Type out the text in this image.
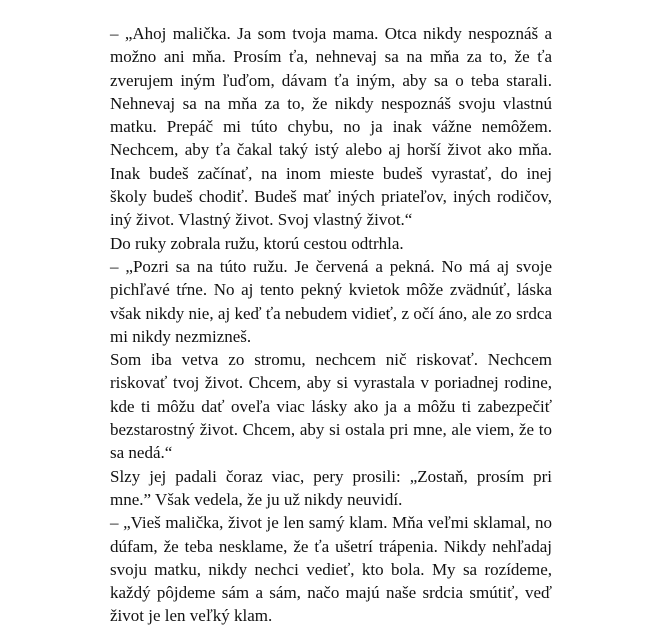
– „Ahoj malička. Ja som tvoja mama. Otca nikdy nespoznáš a možno ani mňa. Prosím ťa, nehnevaj sa na mňa za to, že ťa zverujem iným ľuďom, dávam ťa iným, aby sa o teba starali. Nehnevaj sa na mňa za to, že nikdy nespoznáš svoju vlastnú matku. Prepáč mi túto chybu, no ja inak vážne nemôžem. Nechcem, aby ťa čakal taký istý alebo aj horší život ako mňa. Inak budeš začínať, na inom mieste budeš vyrastať, do inej školy budeš chodiť. Budeš mať iných priateľov, iných rodičov, iný život. Vlastný život. Svoj vlastný život.“

Do ruky zobrala ružu, ktorú cestou odtrhla.

– „Pozri sa na túto ružu. Je červená a pekná. No má aj svoje pichľavé tŕne. No aj tento pekný kvietok môže zvädnúť, láska však nikdy nie, aj keď ťa nebudem vidieť, z očí áno, ale zo srdca mi nikdy nezmizneš.

Som iba vetva zo stromu, nechcem nič riskovať. Nechcem riskovať tvoj život. Chcem, aby si vyrastala v poriadnej rodine, kde ti môžu dať oveľa viac lásky ako ja a môžu ti zabezpečiť bezstarostný život. Chcem, aby si ostala pri mne, ale viem, že to sa nedá.“

Slzy jej padali čoraz viac, pery prosili: „Zostaň, prosím pri mne.” Však vedela, že ju už nikdy neuvidí.

– „Vieš malička, život je len samý klam. Mňa veľmi sklamal, no dúfam, že teba nesklame, že ťa ušetrí trápenia. Nikdy nehľadaj svoju matku, nikdy nechci vedieť, kto bola. My sa rozídeme, každý pôjdeme sám a sám, načo majú naše srdcia smútiť, veď život je len veľký klam.
